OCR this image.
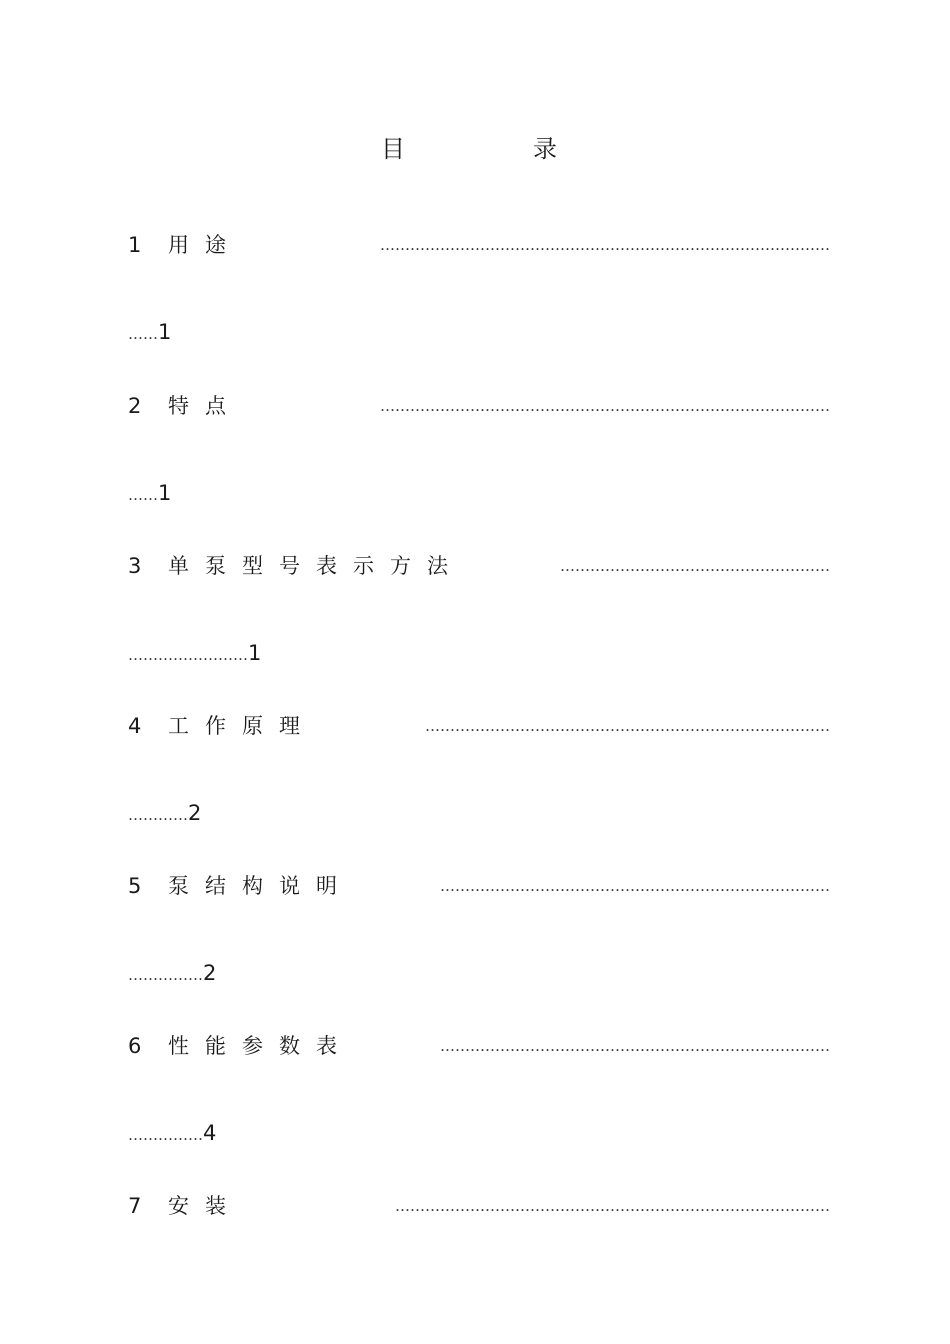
目　录
1 用途	………………………………………………………………………………
……1
2 特点	………………………………………………………………………………
……1
3 单泵型号表示方法	………………………………………………
……………………1
4 工作原理	………………………………………………………………………
…………2
5 泵结构说明	……………………………………………………………………
……………2
6 性能参数表	……………………………………………………………………
……………4
7 安装	……………………………………………………………………………
